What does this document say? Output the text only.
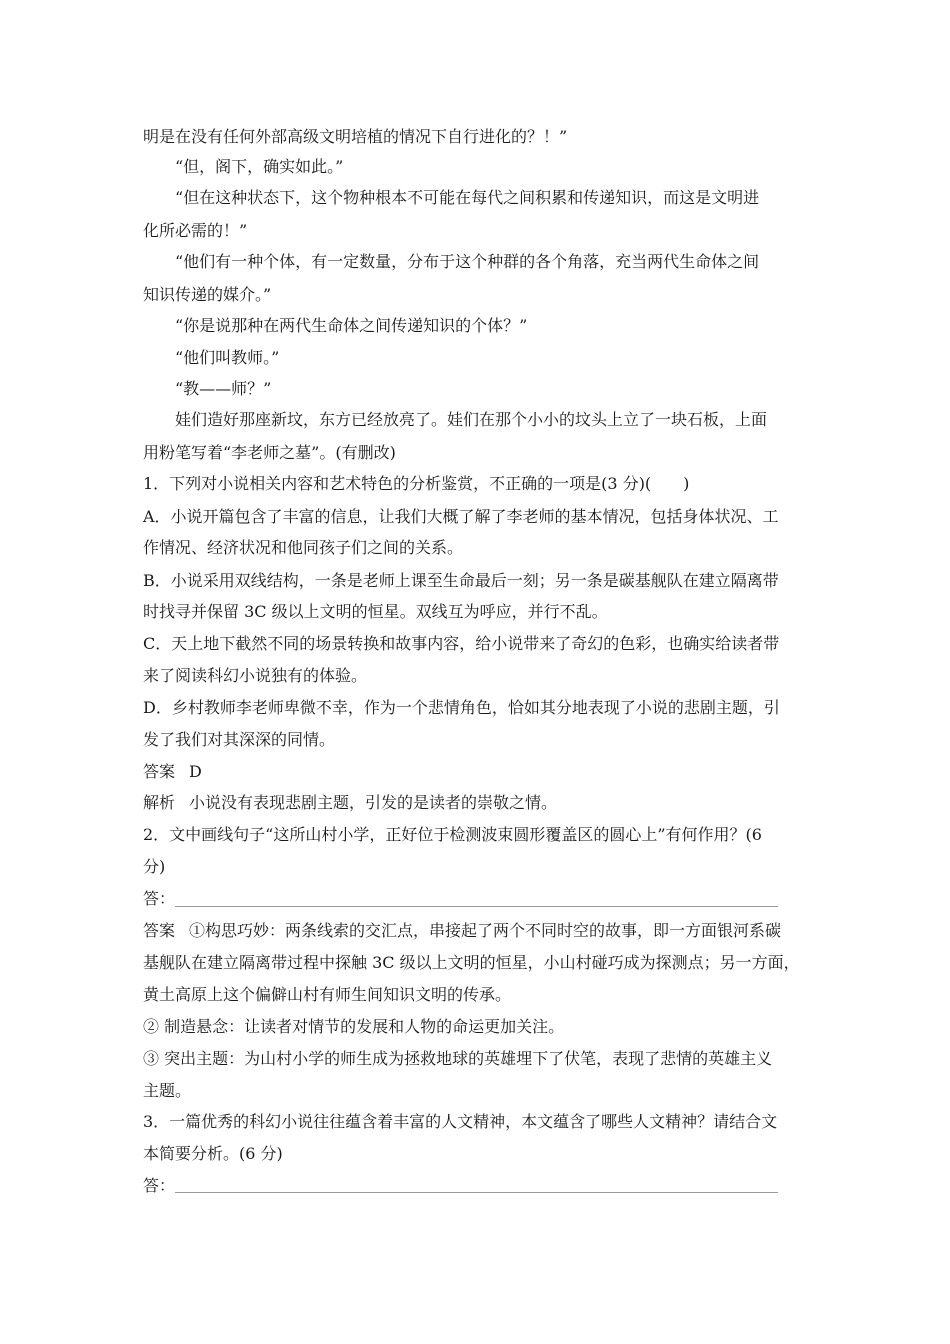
明是在没有任何外部高级文明培植的情况下自行进化的？！”
“但，阁下，确实如此。”
“但在这种状态下，这个物种根本不可能在每代之间积累和传递知识，而这是文明进
化所必需的！”
“他们有一种个体，有一定数量，分布于这个种群的各个角落，充当两代生命体之间
知识传递的媒介。”
“你是说那种在两代生命体之间传递知识的个体？”
“他们叫教师。”
“教——师？”
娃们造好那座新坟，东方已经放亮了。娃们在那个小小的坟头上立了一块石板，上面
用粉笔写着“李老师之墓”。(有删改)
1．下列对小说相关内容和艺术特色的分析鉴赏，不正确的一项是(3 分)(　　)
A．小说开篇包含了丰富的信息，让我们大概了解了李老师的基本情况，包括身体状况、工
作情况、经济状况和他同孩子们之间的关系。
B．小说采用双线结构，一条是老师上课至生命最后一刻；另一条是碳基舰队在建立隔离带
时找寻并保留 3C 级以上文明的恒星。双线互为呼应，并行不乱。
C．天上地下截然不同的场景转换和故事内容，给小说带来了奇幻的色彩，也确实给读者带
来了阅读科幻小说独有的体验。
D．乡村教师李老师卑微不幸，作为一个悲情角色，恰如其分地表现了小说的悲剧主题，引
发了我们对其深深的同情。
答案 D
解析 小说没有表现悲剧主题，引发的是读者的崇敬之情。
2．文中画线句子“这所山村小学，正好位于检测波束圆形覆盖区的圆心上”有何作用？(6
分)
答：
答案 ①构思巧妙：两条线索的交汇点，串接起了两个不同时空的故事，即一方面银河系碳
基舰队在建立隔离带过程中探触 3C 级以上文明的恒星，小山村碰巧成为探测点；另一方面，
黄土高原上这个偏僻山村有师生间知识文明的传承。
② 制造悬念：让读者对情节的发展和人物的命运更加关注。
③ 突出主题：为山村小学的师生成为拯救地球的英雄埋下了伏笔，表现了悲情的英雄主义
主题。
3．一篇优秀的科幻小说往往蕴含着丰富的人文精神，本文蕴含了哪些人文精神？请结合文
本简要分析。(6 分)
答：
